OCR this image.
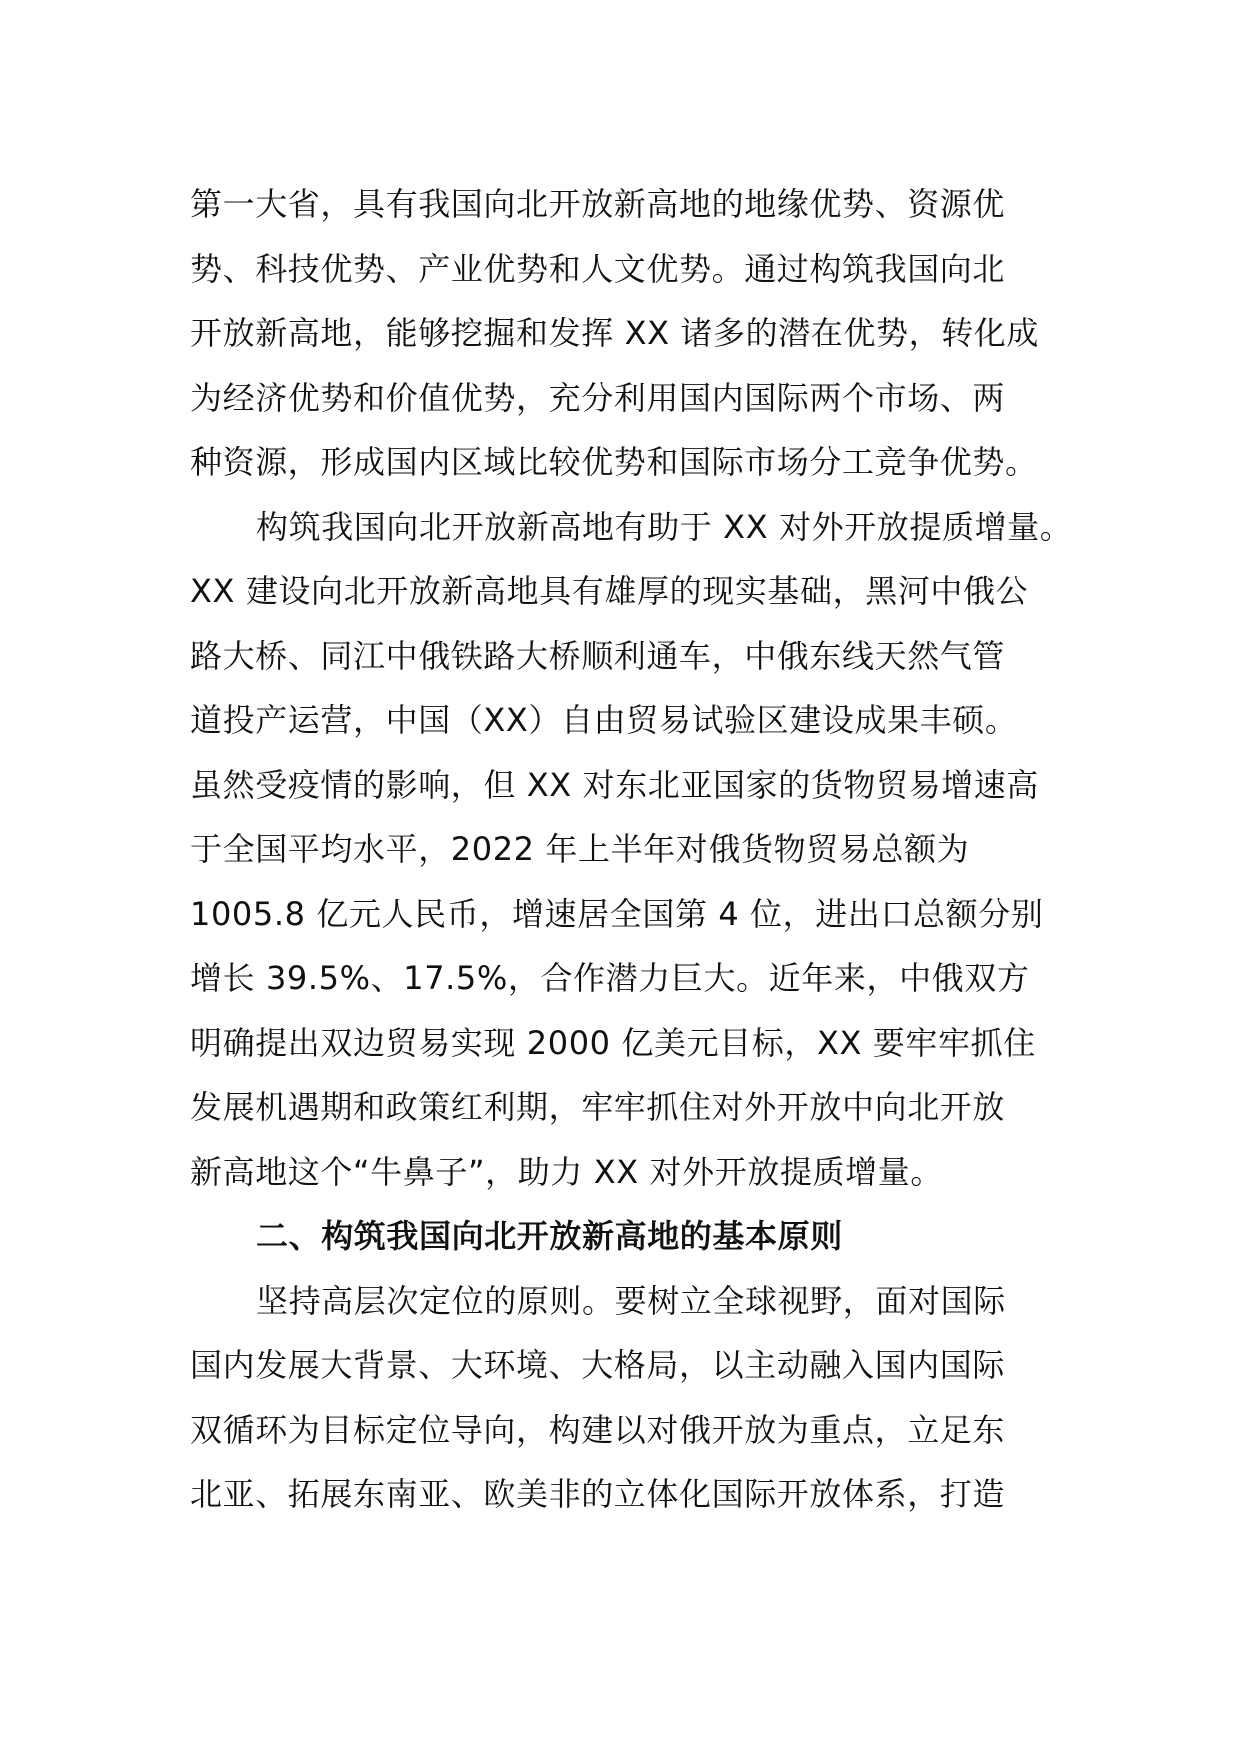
第一大省，具有我国向北开放新高地的地缘优势、资源优
势、科技优势、产业优势和人文优势。通过构筑我国向北
开放新高地，能够挖掘和发挥 XX 诸多的潜在优势，转化成
为经济优势和价值优势，充分利用国内国际两个市场、两
种资源，形成国内区域比较优势和国际市场分工竞争优势。
构筑我国向北开放新高地有助于 XX 对外开放提质增量。
XX 建设向北开放新高地具有雄厚的现实基础，黑河中俄公
路大桥、同江中俄铁路大桥顺利通车，中俄东线天然气管
道投产运营，中国（XX）自由贸易试验区建设成果丰硕。
虽然受疫情的影响，但 XX 对东北亚国家的货物贸易增速高
于全国平均水平，2022 年上半年对俄货物贸易总额为
1005.8 亿元人民币，增速居全国第 4 位，进出口总额分别
增长 39.5%、17.5%，合作潜力巨大。近年来，中俄双方
明确提出双边贸易实现 2000 亿美元目标，XX 要牢牢抓住
发展机遇期和政策红利期，牢牢抓住对外开放中向北开放
新高地这个“牛鼻子”，助力 XX 对外开放提质增量。
二、构筑我国向北开放新高地的基本原则
坚持高层次定位的原则。要树立全球视野，面对国际
国内发展大背景、大环境、大格局，以主动融入国内国际
双循环为目标定位导向，构建以对俄开放为重点，立足东
北亚、拓展东南亚、欧美非的立体化国际开放体系，打造
